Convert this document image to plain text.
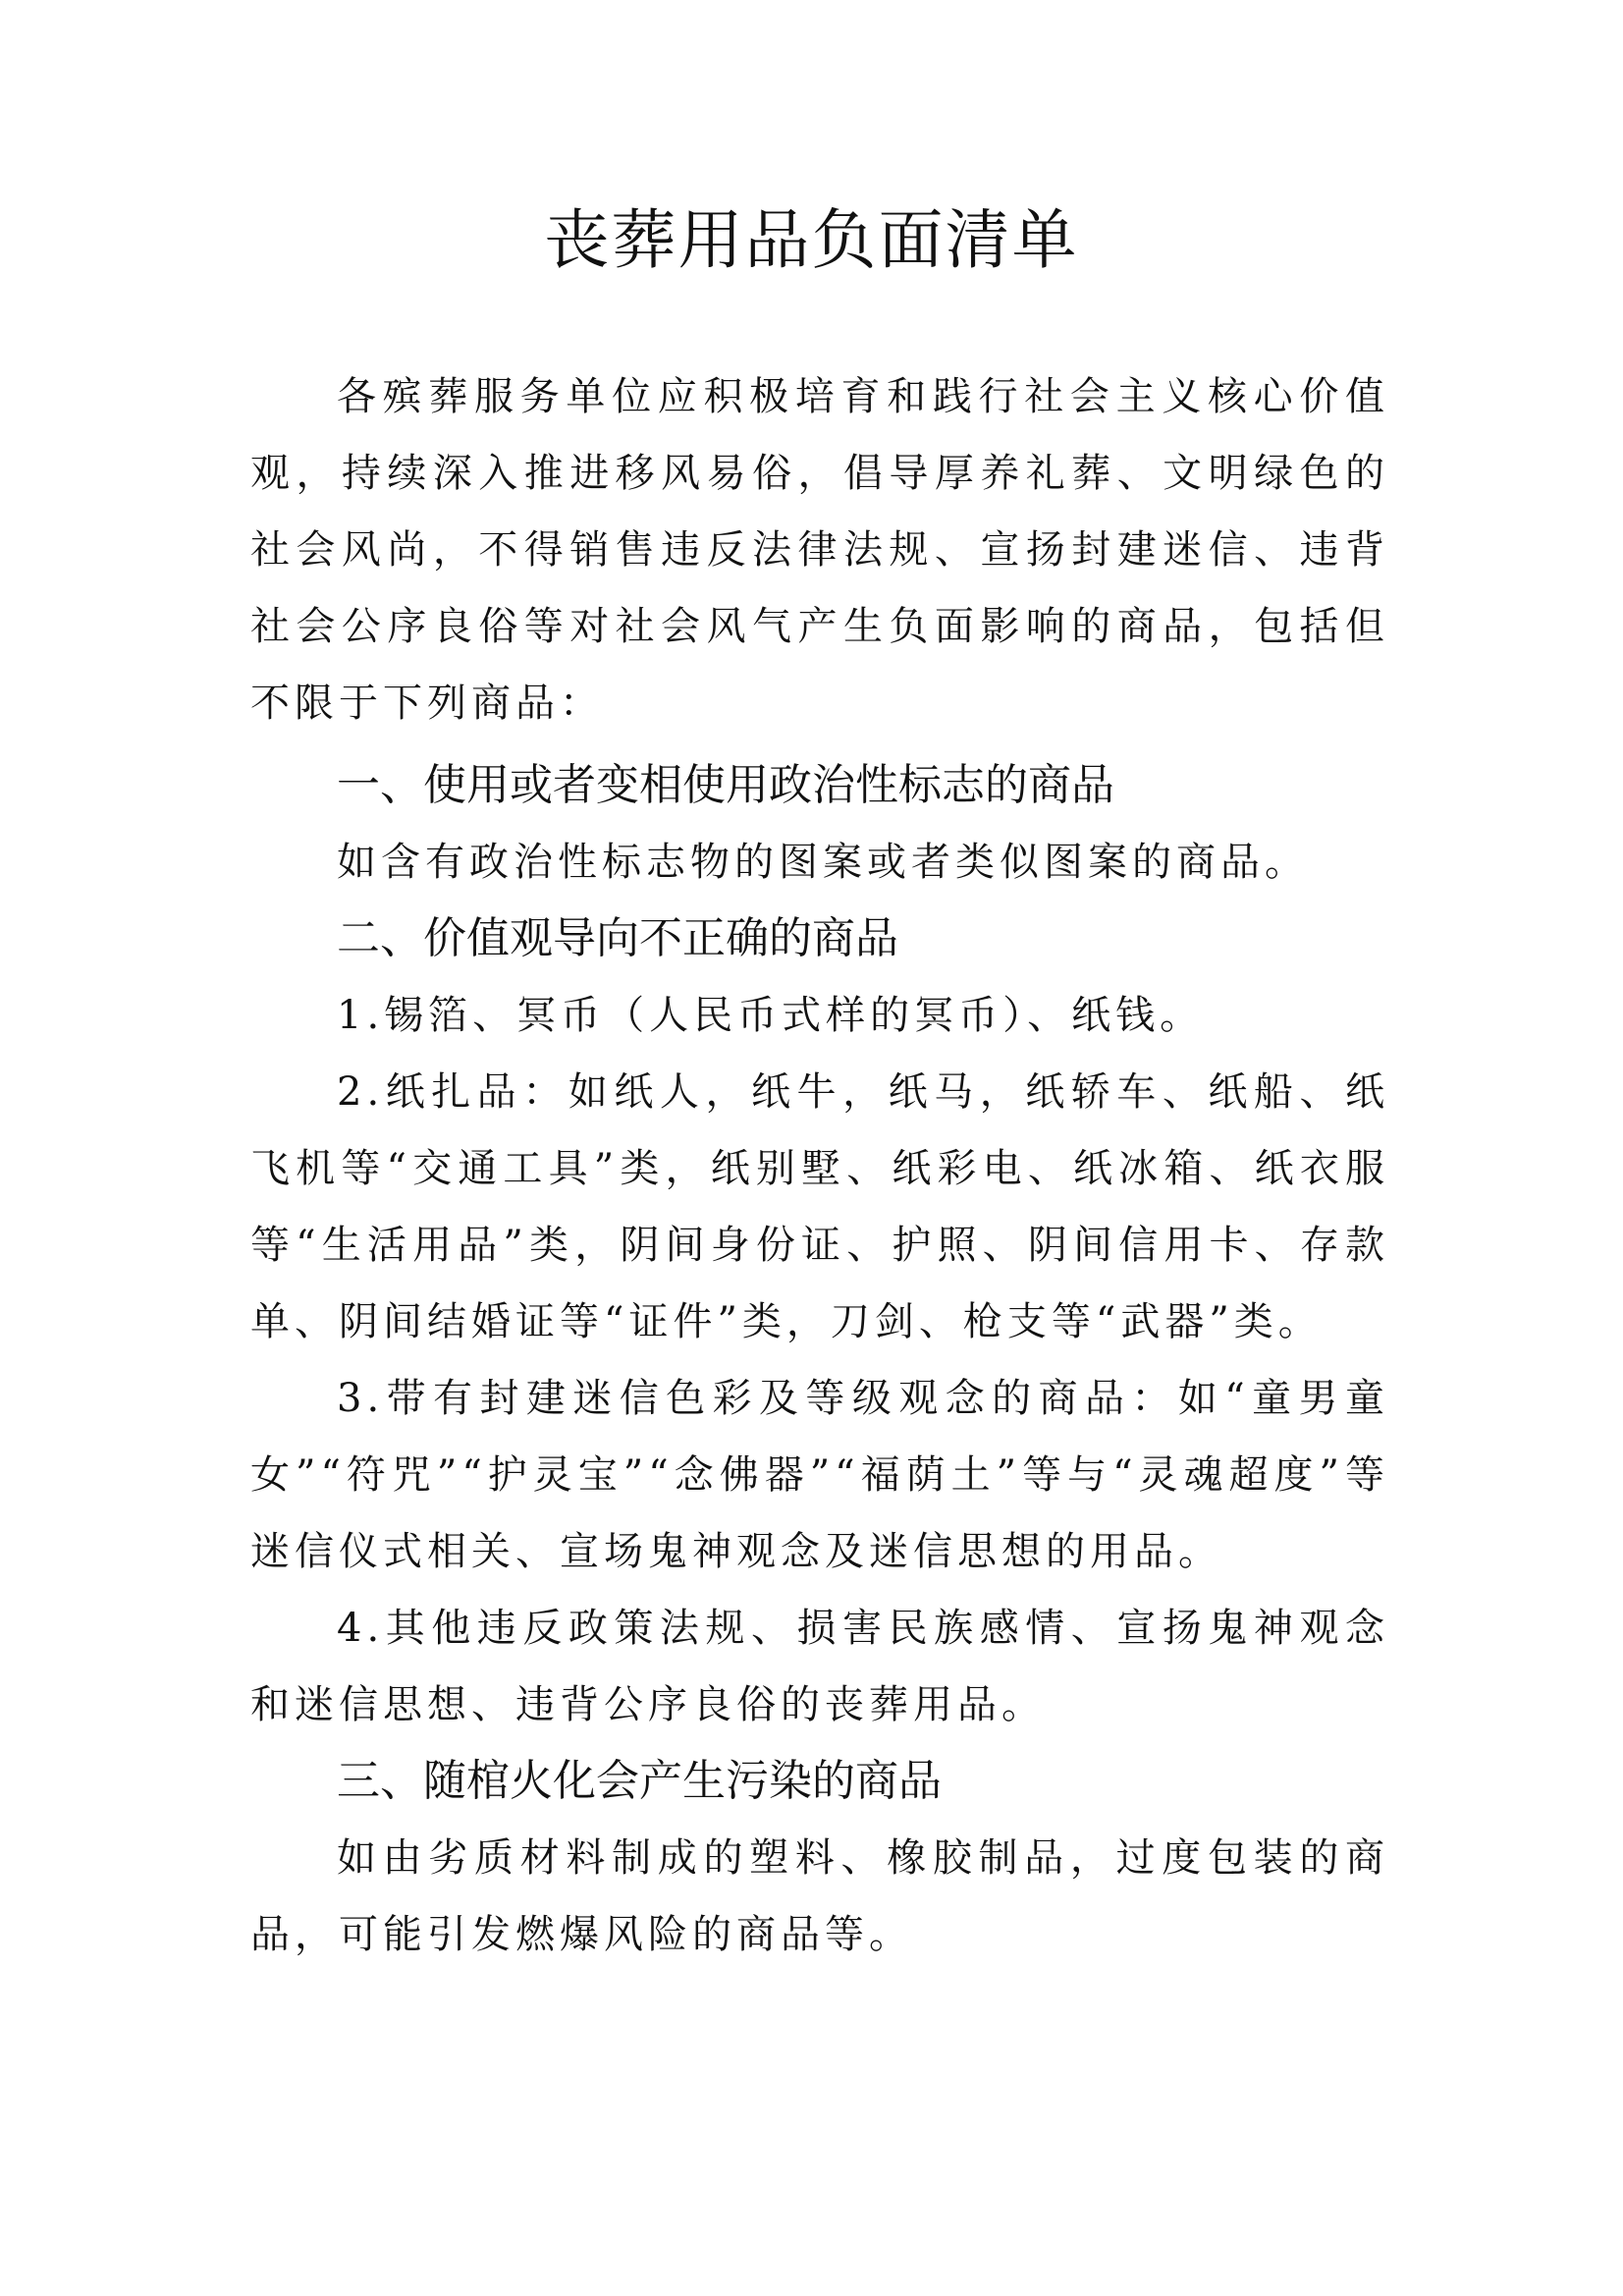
丧葬用品负面清单

各殡葬服务单位应积极培育和践行社会主义核心价值观，持续深入推进移风易俗，倡导厚养礼葬、文明绿色的社会风尚，不得销售违反法律法规、宣扬封建迷信、违背社会公序良俗等对社会风气产生负面影响的商品，包括但不限于下列商品：

一、使用或者变相使用政治性标志的商品

如含有政治性标志物的图案或者类似图案的商品。

二、价值观导向不正确的商品

1.锡箔、冥币（人民币式样的冥币）、纸钱。

2.纸扎品：如纸人，纸牛，纸马，纸轿车、纸船、纸飞机等“交通工具”类，纸别墅、纸彩电、纸冰箱、纸衣服等“生活用品”类，阴间身份证、护照、阴间信用卡、存款单、阴间结婚证等“证件”类，刀剑、枪支等“武器”类。

3.带有封建迷信色彩及等级观念的商品：如“童男童女”“符咒”“护灵宝”“念佛器”“福荫土”等与“灵魂超度”等迷信仪式相关、宣场鬼神观念及迷信思想的用品。

4.其他违反政策法规、损害民族感情、宣扬鬼神观念和迷信思想、违背公序良俗的丧葬用品。

三、随棺火化会产生污染的商品

如由劣质材料制成的塑料、橡胶制品，过度包装的商品，可能引发燃爆风险的商品等。
